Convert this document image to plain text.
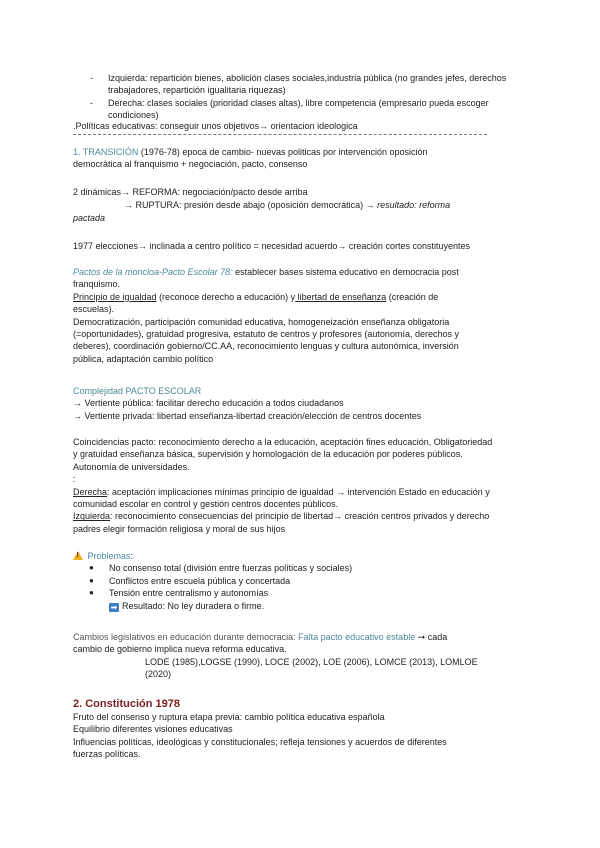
- Izquierda: repartición bienes, abolición clases sociales,industria pública (no grandes jefes, derechos
trabajadores, repartición igualitaria riquezas)
- Derecha: clases sociales (prioridad clases altas), libre competencia (empresario pueda escoger
condiciones)
.Políticas educativas: conseguir unos objetivos→ orientacion ideologica
1. TRANSICIÓN (1976-78) epoca de cambio- nuevas politicas por intervención oposición
democràtica al franquismo + negociación, pacto, consenso
2 dinámicas→ REFORMA: negociación/pacto desde arriba
→ RUPTURA: presión desde abajo (oposición democrática) → resultado: reforma
pactada
1977 elecciones→ inclinada a centro político = necesidad acuerdo→ creación cortes constituyentes
Pactos de la moncloa-Pacto Escolar 78: establecer bases sistema educativo en democracia post
franquismo.
Principio de igualdad (reconoce derecho a educación) y libertad de enseñanza (creación de
escuelas).
Democratización, participación comunidad educativa, homogeneización enseñanza obligatoria
(=oportunidades), gratuidad progresiva, estatuto de centros y profesores (autonomía, derechos y
deberes), coordinación gobierno/CC.AA, reconocimiento lenguas y cultura autonómica, inversión
pública, adaptación cambio político
Complejidad PACTO ESCOLAR
→ Vertiente pública: facilitar derecho educación a todos ciudadanos
→ Vertiente privada: libertad enseñanza-libertad creación/elección de centros docentes
Coincidencias pacto: reconocimiento derecho a la educación, aceptación fines educación, Obligatoriedad
y gratuidad enseñanza básica, supervisión y homologación de la educación por poderes públicos.
Autonomía de universidades.
:
Derecha: aceptación implicaciones mínimas principio de igualdad → intervención Estado en educación y
comunidad escolar en control y gestión centros docentes públicos.
Izquierda: reconocimiento consecuencias del principio de libertad→ creación centros privados y derecho
padres elegir formación religiosa y moral de sus hijos
! Problemas:
● No consenso total (división entre fuerzas políticas y sociales)
● Conflictos entre escuela pública y concertada
● Tensión entre centralismo y autonomías
➡ Resultado: No ley duradera o firme.
Cambios legislativos en educación durante democracia: Falta pacto educativo estable ➞ cada
cambio de gobierno implica nueva reforma educativa.
LODE (1985),LOGSE (1990), LOCE (2002), LOE (2006), LOMCE (2013), LOMLOE
(2020)
2. Constitución 1978
Fruto del consenso y ruptura etapa previa: cambio política educativa española
Equilibrio diferentes visiones educativas
Influencias políticas, ideológicas y constitucionales; refleja tensiones y acuerdos de diferentes
fuerzas políticas.
